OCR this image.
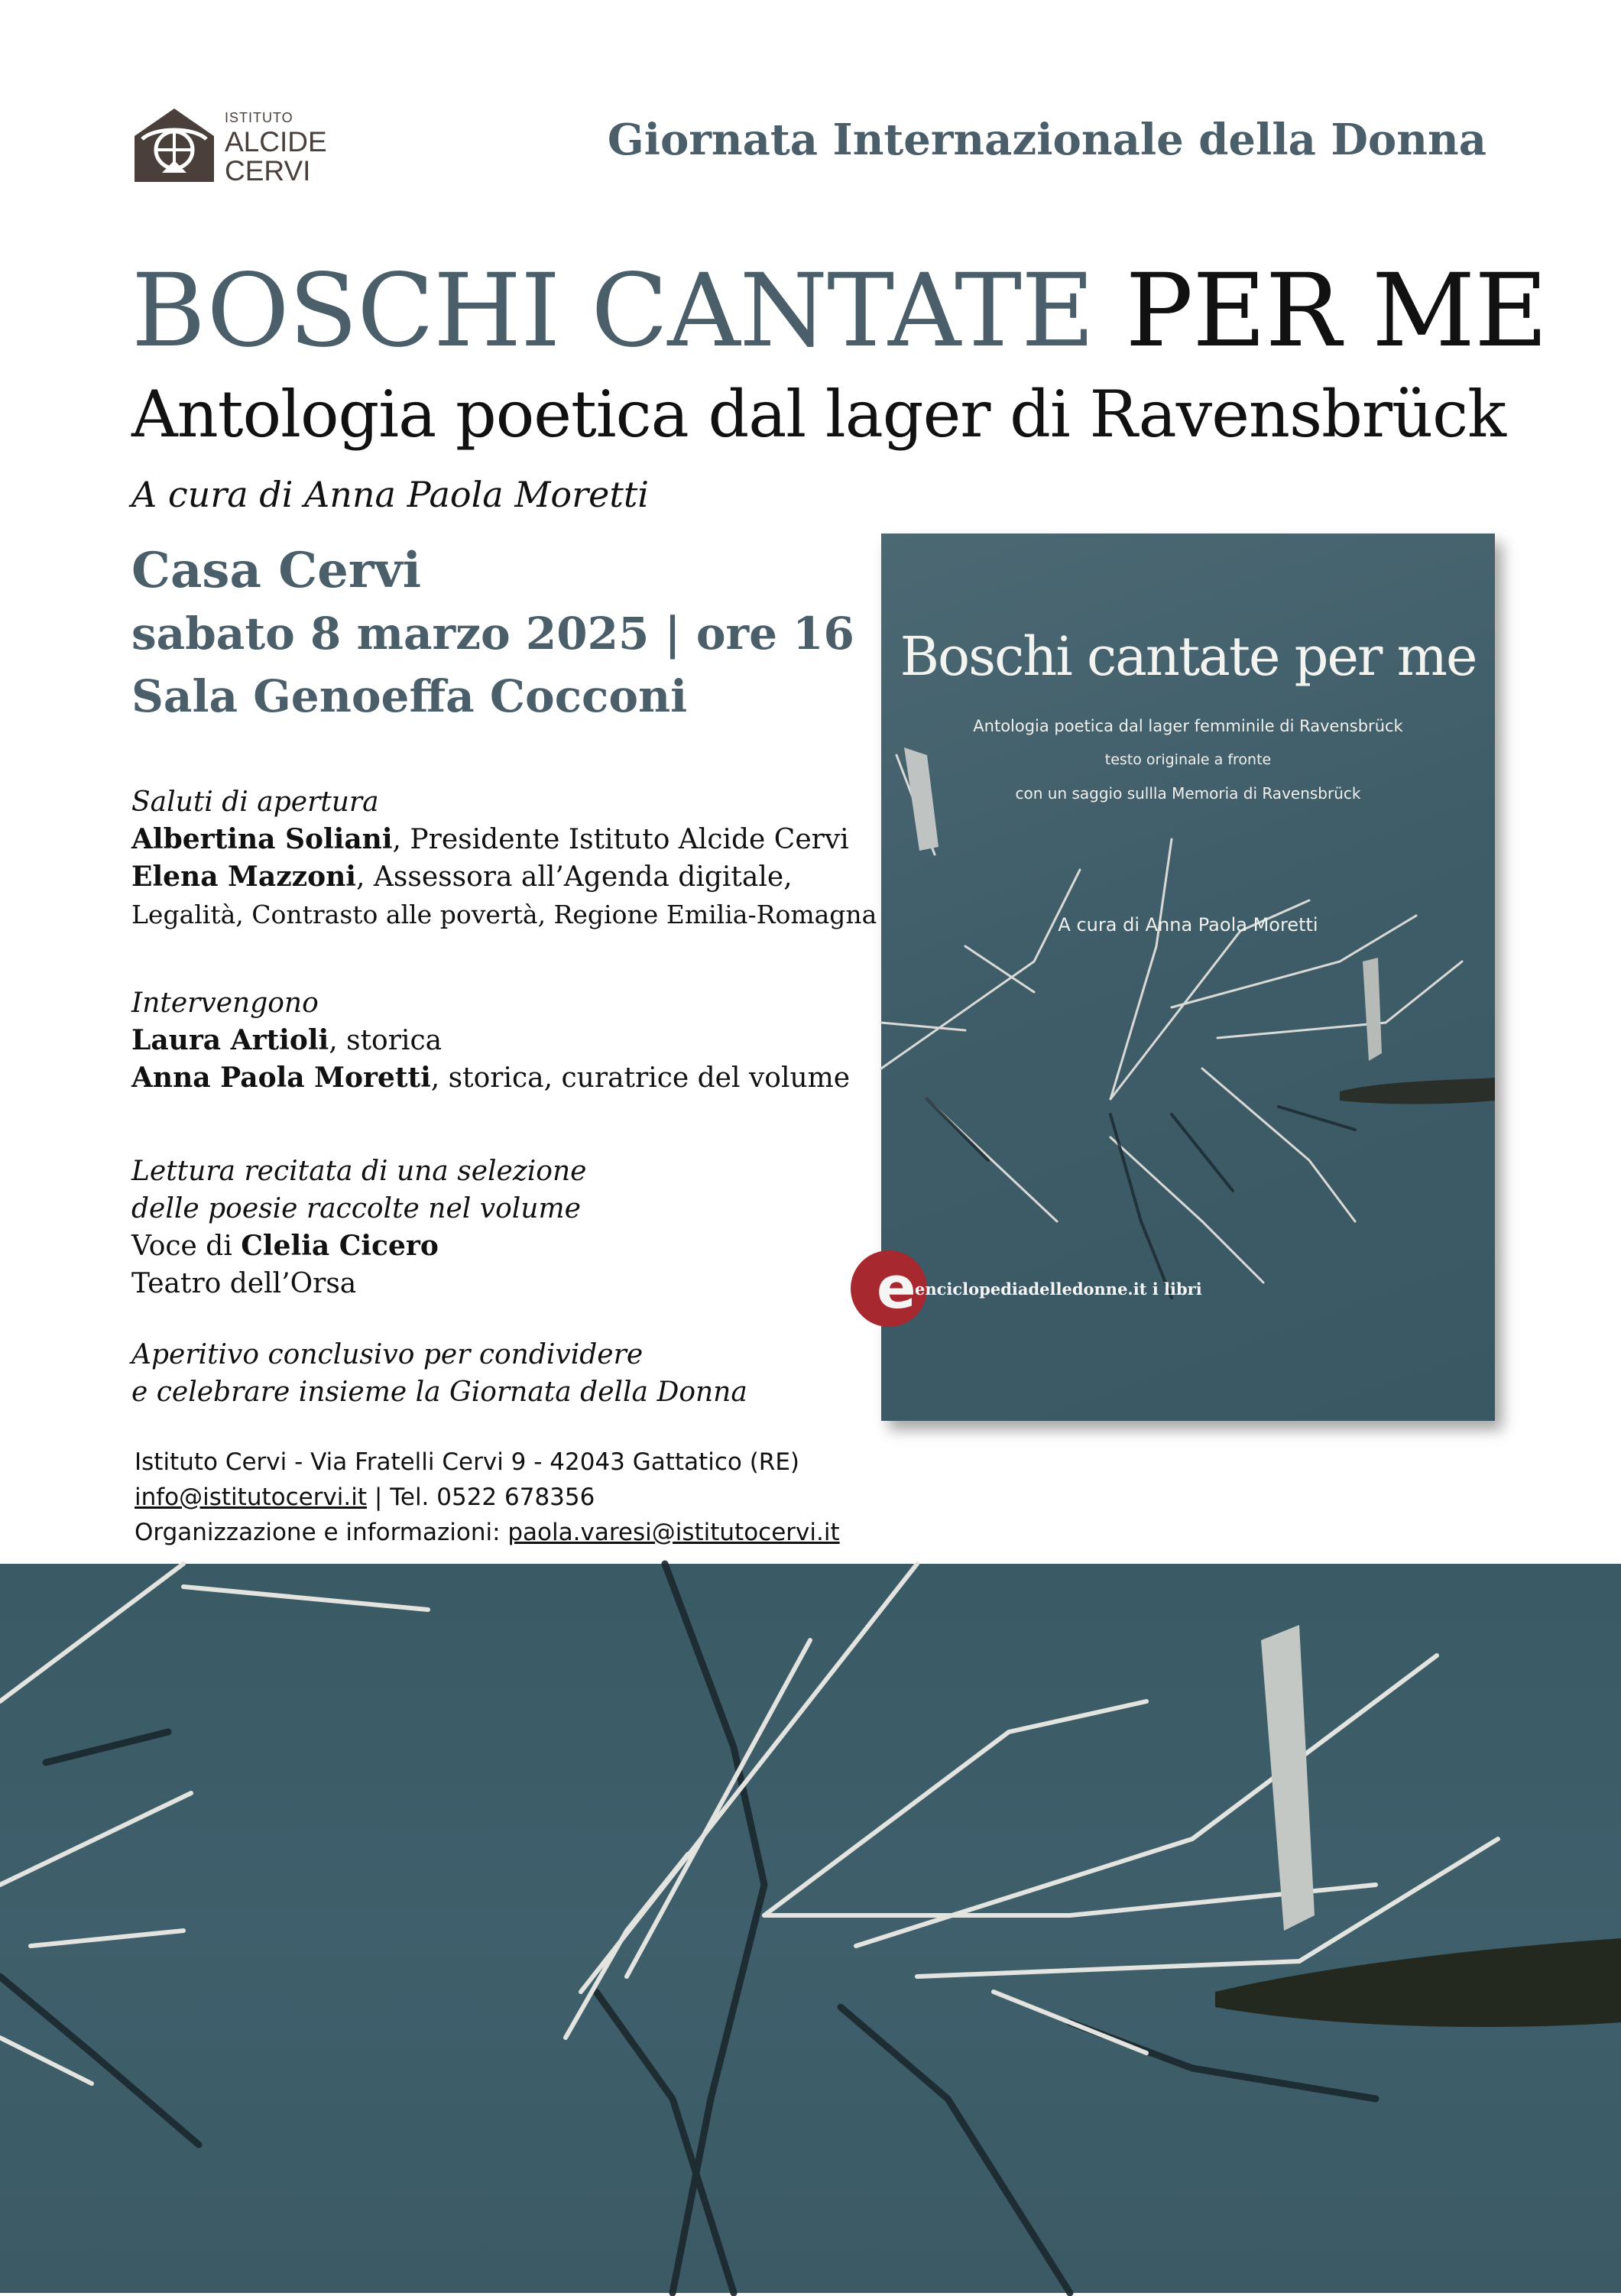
ISTITUTO
ALCIDE
CERVI
Giornata Internazionale della Donna
BOSCHI CANTATE PER ME
Antologia poetica dal lager di Ravensbrück
A cura di Anna Paola Moretti
Casa Cervi
sabato 8 marzo 2025 | ore 16
Sala Genoeffa Cocconi
Saluti di apertura
Albertina Soliani, Presidente Istituto Alcide Cervi
Elena Mazzoni, Assessora all’Agenda digitale,
Legalità, Contrasto alle povertà, Regione Emilia-Romagna
Intervengono
Laura Artioli, storica
Anna Paola Moretti, storica, curatrice del volume
Lettura recitata di una selezione
delle poesie raccolte nel volume
Voce di Clelia Cicero
Teatro dell’Orsa
Aperitivo conclusivo per condividere
e celebrare insieme la Giornata della Donna
Istituto Cervi - Via Fratelli Cervi 9 - 42043 Gattatico (RE)
info@istitutocervi.it | Tel. 0522 678356
Organizzazione e informazioni: paola.varesi@istitutocervi.it
Boschi cantate per me
Antologia poetica dal lager femminile di Ravensbrück
testo originale a fronte
con un saggio sullla Memoria di Ravensbrück
A cura di Anna Paola Moretti
e
enciclopediadelledonne.it i libri
